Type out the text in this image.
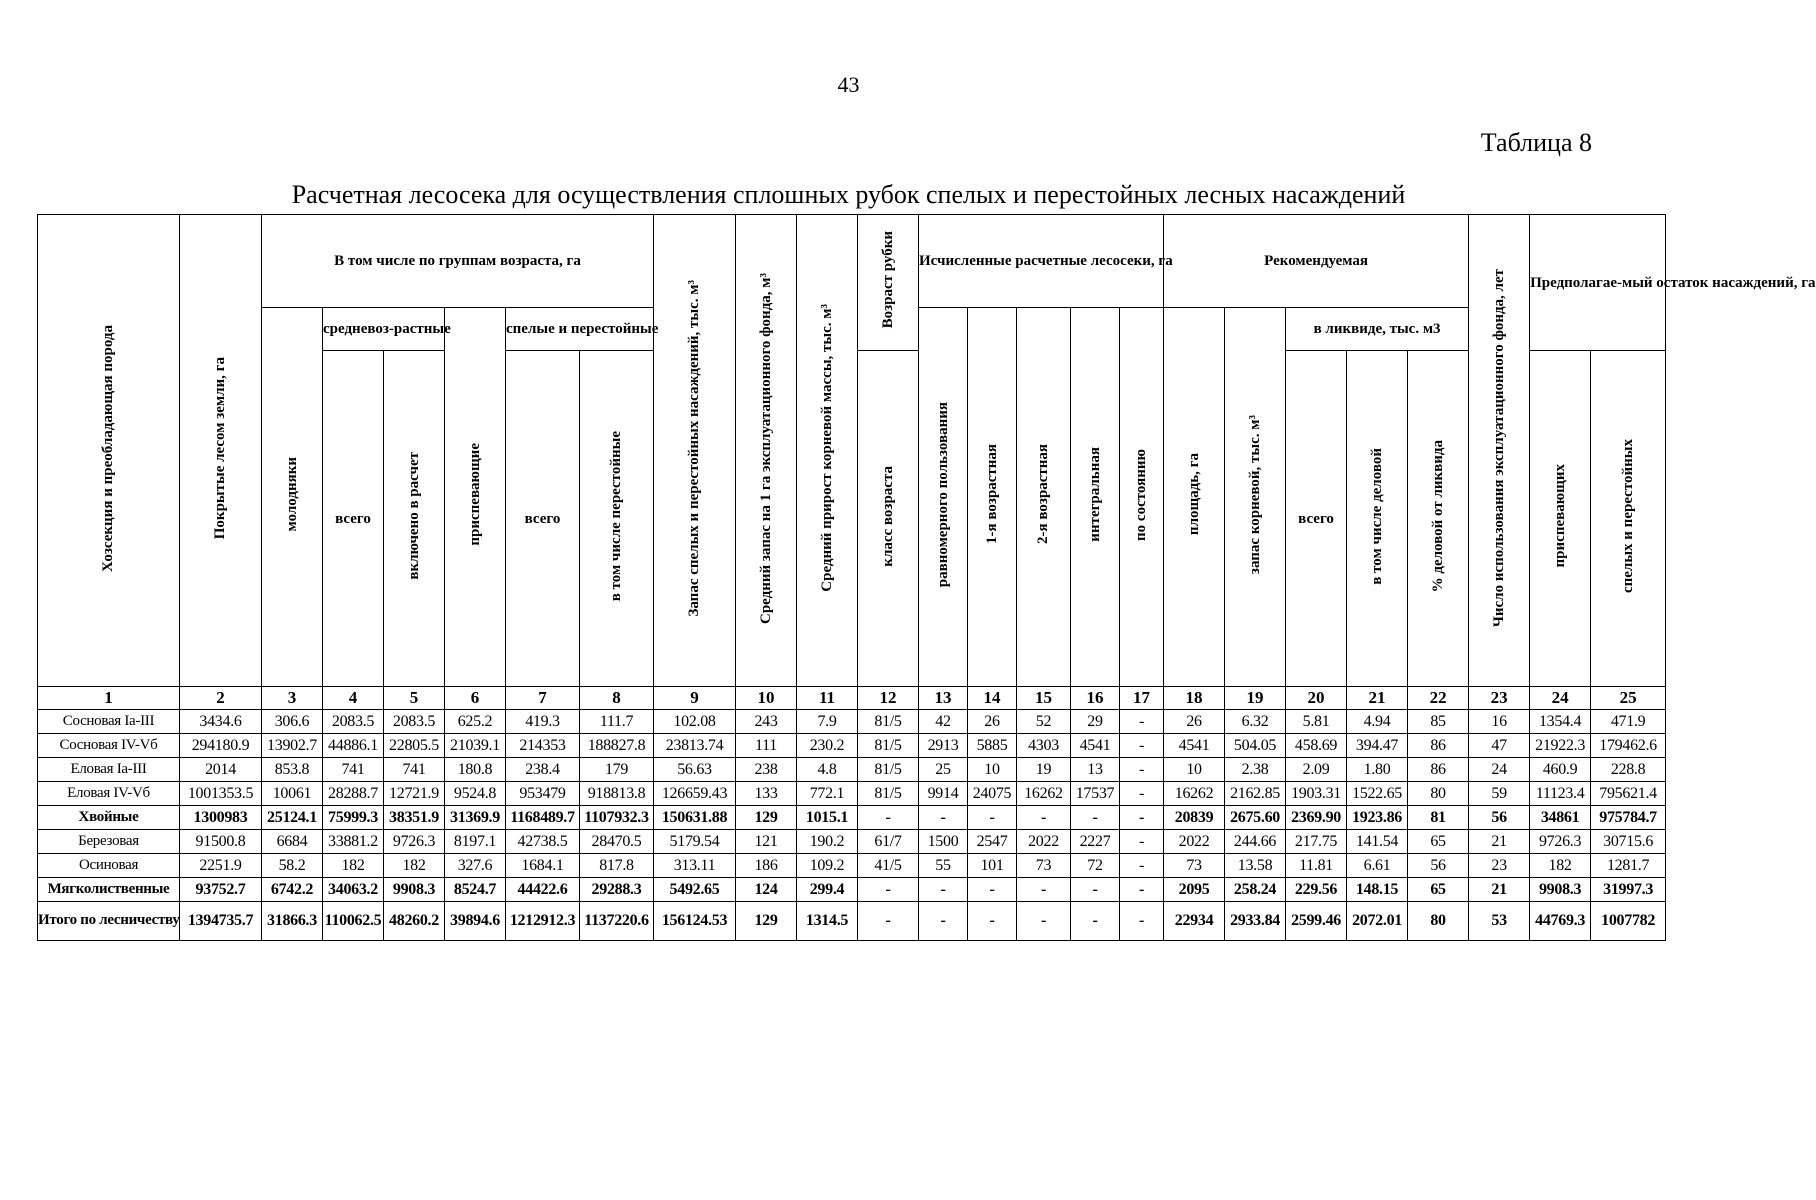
43
Таблица 8
Расчетная лесосека для осуществления сплошных рубок спелых и перестойных лесных насаждений
Хозсекция и преобладающая порода	Покрытые лесом земли, га	В том числе по группам возраста, га						Запас спелых и перестойных насаждений, тыс. м³	Средний запас на 1 га эксплуатационного фонда, м³	Средний прирост корневой массы, тыс. м³	Возраст рубки	Исчисленные расчетные лесосеки, га					Рекомендуемая					Число использования эксплуатационного фонда, лет	Предполагае-мый остаток насаждений, га	
		молодняки	средневоз-растные		приспевающие	спелые и перестойные						равномерного пользования	1-я возрастная	2-я возрастная	интегральная	по состоянию	площадь, га	запас корневой, тыс. м³	в ликвиде, тыс. м3					
			всего	включено в расчет		всего	в том числе перестойные																приспевающих	спелых и перестойных
											класс возраста								всего	в том числе деловой	% деловой от ликвида			
1	2	3	4	5	6	7	8	9	10	11	12	13	14	15	16	17	18	19	20	21	22	23	24	25
Сосновая Ia-III	3434.6	306.6	2083.5	2083.5	625.2	419.3	111.7	102.08	243	7.9	81/5	42	26	52	29	-	26	6.32	5.81	4.94	85	16	1354.4	471.9
Сосновая IV-Vб	294180.9	13902.7	44886.1	22805.5	21039.1	214353	188827.8	23813.74	111	230.2	81/5	2913	5885	4303	4541	-	4541	504.05	458.69	394.47	86	47	21922.3	179462.6
Еловая Ia-III	2014	853.8	741	741	180.8	238.4	179	56.63	238	4.8	81/5	25	10	19	13	-	10	2.38	2.09	1.80	86	24	460.9	228.8
Еловая IV-Vб	1001353.5	10061	28288.7	12721.9	9524.8	953479	918813.8	126659.43	133	772.1	81/5	9914	24075	16262	17537	-	16262	2162.85	1903.31	1522.65	80	59	11123.4	795621.4
Хвойные	1300983	25124.1	75999.3	38351.9	31369.9	1168489.7	1107932.3	150631.88	129	1015.1	-	-	-	-	-	-	20839	2675.60	2369.90	1923.86	81	56	34861	975784.7
Березовая	91500.8	6684	33881.2	9726.3	8197.1	42738.5	28470.5	5179.54	121	190.2	61/7	1500	2547	2022	2227	-	2022	244.66	217.75	141.54	65	21	9726.3	30715.6
Осиновая	2251.9	58.2	182	182	327.6	1684.1	817.8	313.11	186	109.2	41/5	55	101	73	72	-	73	13.58	11.81	6.61	56	23	182	1281.7
Мягколиственные	93752.7	6742.2	34063.2	9908.3	8524.7	44422.6	29288.3	5492.65	124	299.4	-	-	-	-	-	-	2095	258.24	229.56	148.15	65	21	9908.3	31997.3
Итого по лесничеству	1394735.7	31866.3	110062.5	48260.2	39894.6	1212912.3	1137220.6	156124.53	129	1314.5	-	-	-	-	-	-	22934	2933.84	2599.46	2072.01	80	53	44769.3	1007782
